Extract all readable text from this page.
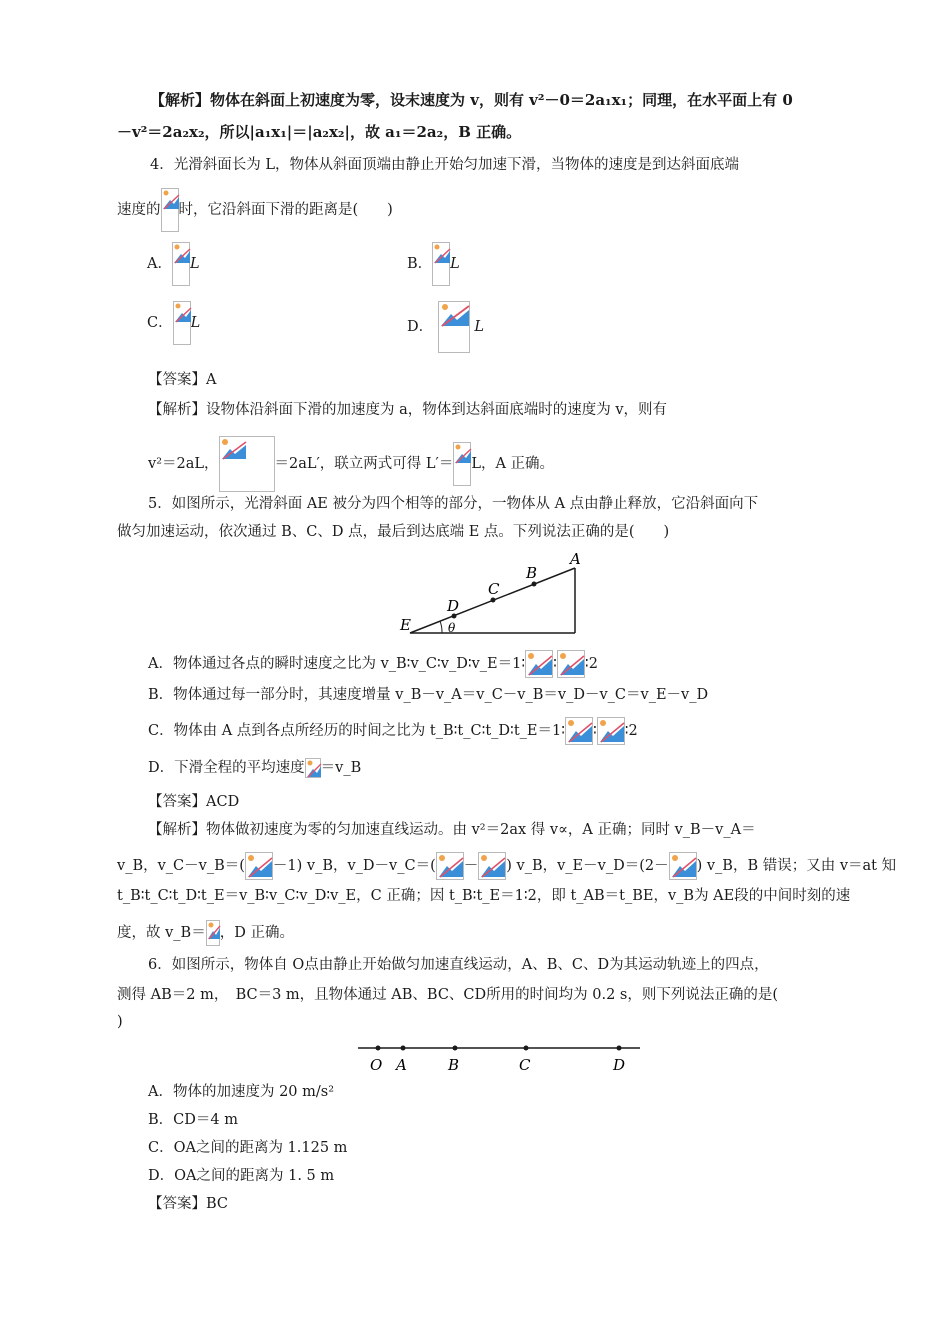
【解析】物体在斜面上初速度为零，设末速度为 v，则有 v²－0＝2a₁x₁；同理，在水平面上有 0
－v²＝2a₂x₂，所以|a₁x₁|＝|a₂x₂|，故 a₁＝2a₂，B 正确。
4．光滑斜面长为 L，物体从斜面顶端由静止开始匀加速下滑，当物体的速度是到达斜面底端
速度的 时，它沿斜面下滑的距离是(　　)
A． L	B． L
C． L	D．	L
【答案】A
【解析】设物体沿斜面下滑的加速度为 a，物体到达斜面底端时的速度为 v，则有
v²＝2aL，	＝2aL′，联立两式可得 L′＝ L，A 正确。
5．如图所示，光滑斜面 AE 被分为四个相等的部分，一物体从 A 点由静止释放，它沿斜面向下
做匀加速运动，依次通过 B、C、D 点，最后到达底端 E 点。下列说法正确的是(　　)
A
B
C
D
E	θ
A．物体通过各点的瞬时速度之比为 v_B∶v_C∶v_D∶v_E＝1∶ ∶ ∶2
B．物体通过每一部分时，其速度增量 v_B－v_A＝v_C－v_B＝v_D－v_C＝v_E－v_D
C．物体由 A 点到各点所经历的时间之比为 t_B∶t_C∶t_D∶t_E＝1∶ ∶ ∶2
D．下滑全程的平均速度 ＝v_B
【答案】ACD
【解析】物体做初速度为零的匀加速直线运动。由 v²＝2ax 得 v∝，A 正确；同时 v_B－v_A＝
v_B，v_C－v_B＝( －1) v_B，v_D－v_C＝( － ) v_B，v_E－v_D＝(2－ ) v_B，B 错误；又由 v＝at 知
t_B∶t_C∶t_D∶t_E＝v_B∶v_C∶v_D∶v_E，C 正确；因 t_B∶t_E＝1∶2，即 t_AB＝t_BE，v_B为 AE段的中间时刻的速
度，故 v_B＝ ，D 正确。
6．如图所示，物体自 O点由静止开始做匀加速直线运动，A、B、C、D为其运动轨迹上的四点，
测得 AB＝2 m，　BC＝3 m，且物体通过 AB、BC、CD所用的时间均为 0.2 s，则下列说法正确的是(
)
O A	B	C	D
A．物体的加速度为 20 m/s²
B．CD＝4 m
C．OA之间的距离为 1.125 m
D．OA之间的距离为 1. 5 m
【答案】BC
